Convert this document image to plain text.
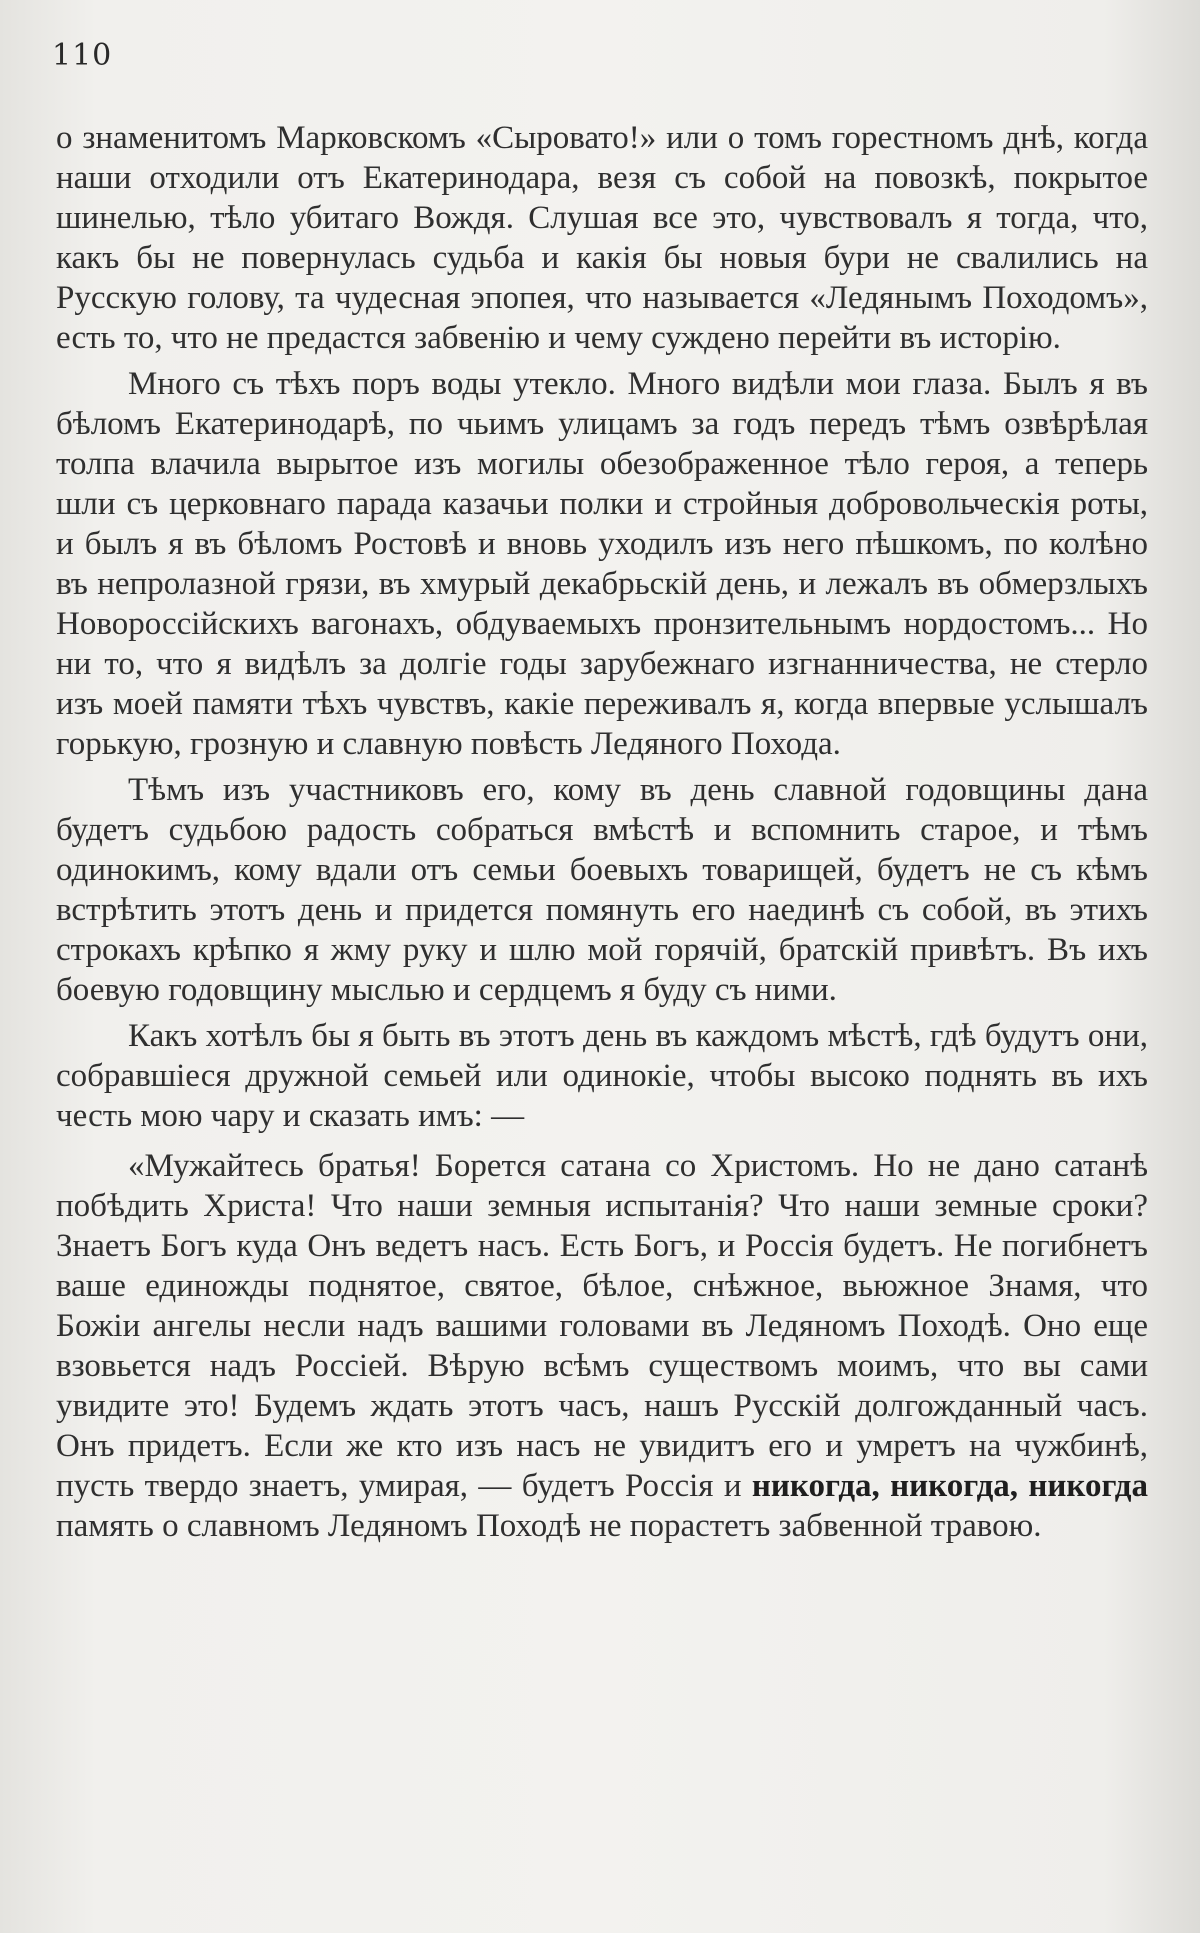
110

о знаменитомъ Марковскомъ «Сыровато!» или о томъ горестномъ днѣ, когда наши отходили отъ Екатеринодара, везя съ собой на повозкѣ, покрытое шинелью, тѣло убитаго Вождя. Слушая все это, чувствовалъ я тогда, что, какъ бы не повернулась судьба и какія бы новыя бури не свалились на Русскую голову, та чудесная эпопея, что называется «Ледянымъ Походомъ», есть то, что не предастся забвенію и чему суждено перейти въ исторію.

Много съ тѣхъ поръ воды утекло. Много видѣли мои глаза. Былъ я въ бѣломъ Екатеринодарѣ, по чьимъ улицамъ за годъ передъ тѣмъ озвѣрѣлая толпа влачила вырытое изъ могилы обезображенное тѣло героя, а теперь шли съ церковнаго парада казачьи полки и стройныя добровольческія роты, и былъ я въ бѣломъ Ростовѣ и вновь уходилъ изъ него пѣшкомъ, по колѣно въ непролазной грязи, въ хмурый декабрьскій день, и лежалъ въ обмерзлыхъ Новороссійскихъ вагонахъ, обдуваемыхъ пронзительнымъ нордостомъ... Но ни то, что я видѣлъ за долгіе годы зарубежнаго изгнанничества, не стерло изъ моей памяти тѣхъ чувствъ, какіе переживалъ я, когда впервые услышалъ горькую, грозную и славную повѣсть Ледяного Похода.

Тѣмъ изъ участниковъ его, кому въ день славной годовщины дана будетъ судьбою радость собраться вмѣстѣ и вспомнить старое, и тѣмъ одинокимъ, кому вдали отъ семьи боевыхъ товарищей, будетъ не съ кѣмъ встрѣтить этотъ день и придется помянуть его наединѣ съ собой, въ этихъ строкахъ крѣпко я жму руку и шлю мой горячій, братскій привѣтъ. Въ ихъ боевую годовщину мыслью и сердцемъ я буду съ ними.

Какъ хотѣлъ бы я быть въ этотъ день въ каждомъ мѣстѣ, гдѣ будутъ они, собравшіеся дружной семьей или одинокіе, чтобы высоко поднять въ ихъ честь мою чару и сказать имъ: —

«Мужайтесь братья! Борется сатана со Христомъ. Но не дано сатанѣ побѣдить Христа! Что наши земныя испытанія? Что наши земные сроки? Знаетъ Богъ куда Онъ ведетъ насъ. Есть Богъ, и Россія будетъ. Не погибнетъ ваше единожды поднятое, святое, бѣлое, снѣжное, вьюжное Знамя, что Божіи ангелы несли надъ вашими головами въ Ледяномъ Походѣ. Оно еще взовьется надъ Россіей. Вѣрую всѣмъ существомъ моимъ, что вы сами увидите это! Будемъ ждать этотъ часъ, нашъ Русскій долгожданный часъ. Онъ придетъ. Если же кто изъ насъ не увидитъ его и умретъ на чужбинѣ, пусть твердо знаетъ, умирая, — будетъ Россія и никогда, никогда, никогда память о славномъ Ледяномъ Походѣ не порастетъ забвенной травою.
